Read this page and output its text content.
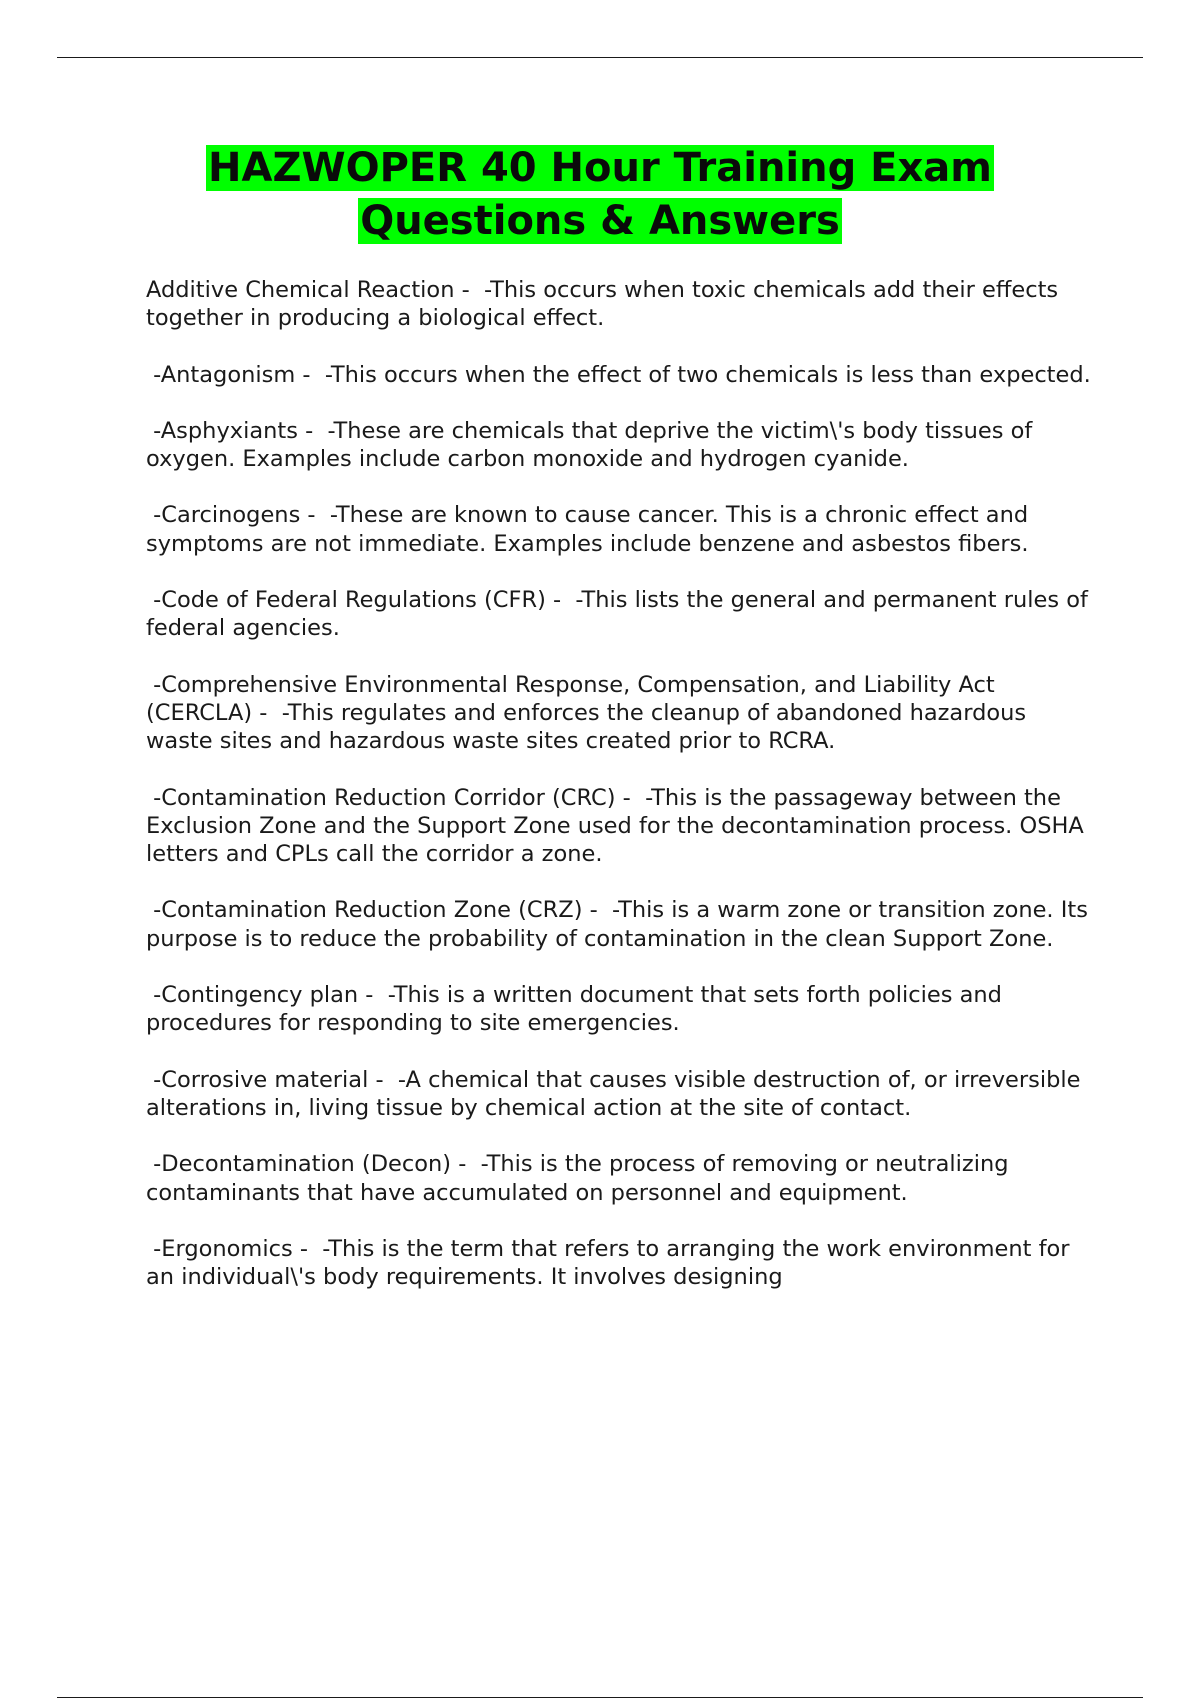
HAZWOPER 40 Hour Training Exam
Questions & Answers

Additive Chemical Reaction -  -This occurs when toxic chemicals add their effects together in producing a biological effect.

-Antagonism -  -This occurs when the effect of two chemicals is less than expected.

-Asphyxiants -  -These are chemicals that deprive the victim\'s body tissues of oxygen. Examples include carbon monoxide and hydrogen cyanide.

-Carcinogens -  -These are known to cause cancer. This is a chronic effect and symptoms are not immediate. Examples include benzene and asbestos fibers.

-Code of Federal Regulations (CFR) -  -This lists the general and permanent rules of federal agencies.

-Comprehensive Environmental Response, Compensation, and Liability Act (CERCLA) -  -This regulates and enforces the cleanup of abandoned hazardous waste sites and hazardous waste sites created prior to RCRA.

-Contamination Reduction Corridor (CRC) -  -This is the passageway between the Exclusion Zone and the Support Zone used for the decontamination process. OSHA letters and CPLs call the corridor a zone.

-Contamination Reduction Zone (CRZ) -  -This is a warm zone or transition zone. Its purpose is to reduce the probability of contamination in the clean Support Zone.

-Contingency plan -  -This is a written document that sets forth policies and procedures for responding to site emergencies.

-Corrosive material -  -A chemical that causes visible destruction of, or irreversible alterations in, living tissue by chemical action at the site of contact.

-Decontamination (Decon) -  -This is the process of removing or neutralizing contaminants that have accumulated on personnel and equipment.

-Ergonomics -  -This is the term that refers to arranging the work environment for an individual\'s body requirements. It involves designing
